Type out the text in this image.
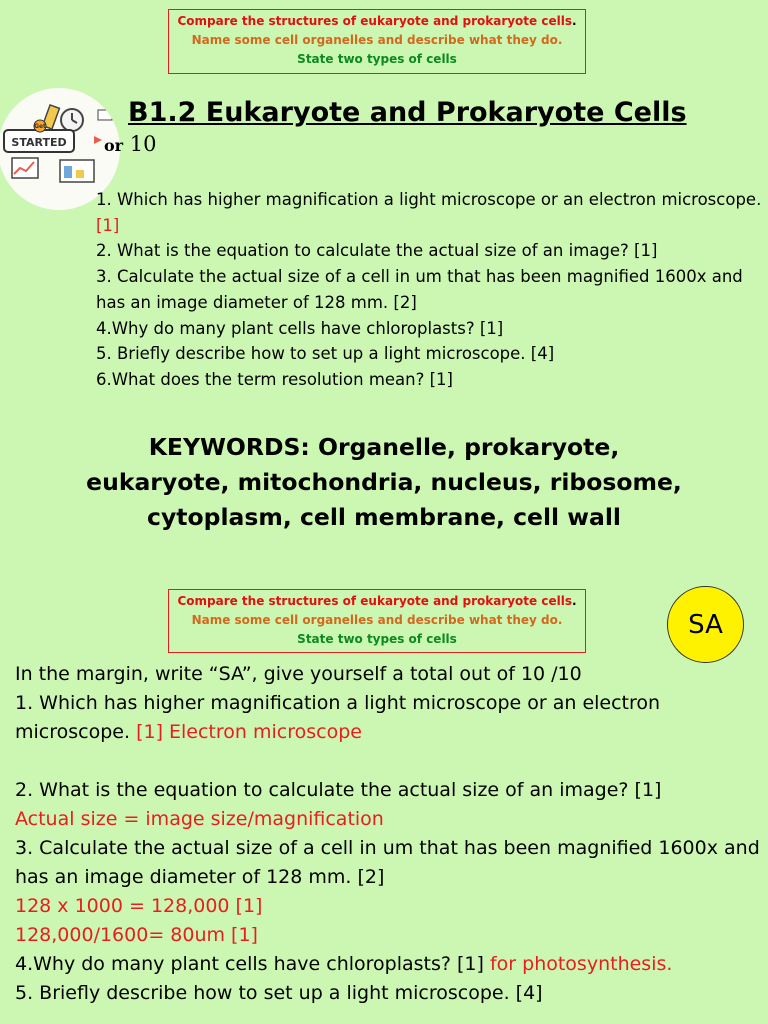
Compare the structures of eukaryote and prokaryote cells.
Name some cell organelles and describe what they do.
State two types of cells
Get
STARTED
B1.2 Eukaryote and Prokaryote Cells
or 10
1. Which has higher magnification a light microscope or an electron microscope. [1]
2. What is the equation to calculate the actual size of an image? [1]
3. Calculate the actual size of a cell in um that has been magnified 1600x and has an image diameter of 128 mm. [2]
4.Why do many plant cells have chloroplasts? [1]
5. Briefly describe how to set up a light microscope. [4]
6.What does the term resolution mean? [1]
KEYWORDS: Organelle, prokaryote,
eukaryote, mitochondria, nucleus, ribosome,
cytoplasm, cell membrane, cell wall
Compare the structures of eukaryote and prokaryote cells.
Name some cell organelles and describe what they do.
State two types of cells	SA
In the margin, write “SA”, give yourself a total out of 10 /10
1. Which has higher magnification a light microscope or an electron microscope. [1] Electron microscope
2. What is the equation to calculate the actual size of an image? [1]
Actual size = image size/magnification
3. Calculate the actual size of a cell in um that has been magnified 1600x and has an image diameter of 128 mm. [2]
128 x 1000 = 128,000 [1]
128,000/1600= 80um [1]
4.Why do many plant cells have chloroplasts? [1] for photosynthesis.
5. Briefly describe how to set up a light microscope. [4]
